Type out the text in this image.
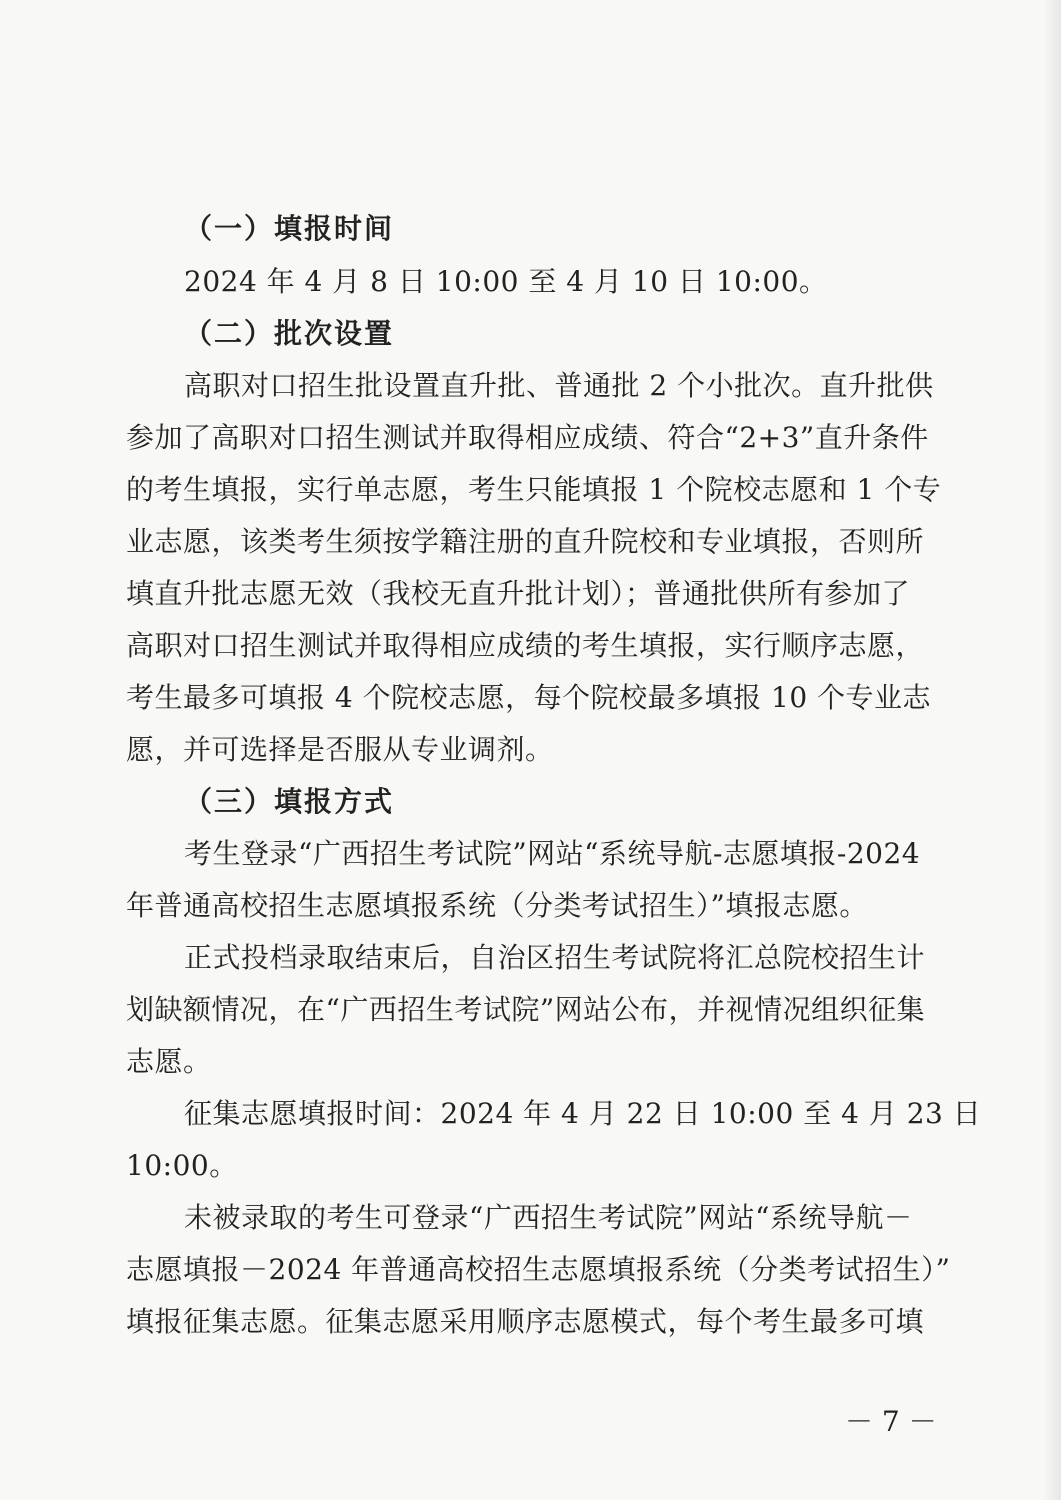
（一）填报时间
2024 年 4 月 8 日 10:00 至 4 月 10 日 10:00。
（二）批次设置
高职对口招生批设置直升批、普通批 2 个小批次。直升批供
参加了高职对口招生测试并取得相应成绩、符合“2+3”直升条件
的考生填报，实行单志愿，考生只能填报 1 个院校志愿和 1 个专
业志愿，该类考生须按学籍注册的直升院校和专业填报，否则所
填直升批志愿无效（我校无直升批计划）；普通批供所有参加了
高职对口招生测试并取得相应成绩的考生填报，实行顺序志愿，
考生最多可填报 4 个院校志愿，每个院校最多填报 10 个专业志
愿，并可选择是否服从专业调剂。
（三）填报方式
考生登录“广西招生考试院”网站“系统导航-志愿填报-2024
年普通高校招生志愿填报系统（分类考试招生）”填报志愿。
正式投档录取结束后，自治区招生考试院将汇总院校招生计
划缺额情况，在“广西招生考试院”网站公布，并视情况组织征集
志愿。
征集志愿填报时间：2024 年 4 月 22 日 10:00 至 4 月 23 日
10:00。
未被录取的考生可登录“广西招生考试院”网站“系统导航－
志愿填报－2024 年普通高校招生志愿填报系统（分类考试招生）”
填报征集志愿。征集志愿采用顺序志愿模式，每个考生最多可填
－ 7 －
